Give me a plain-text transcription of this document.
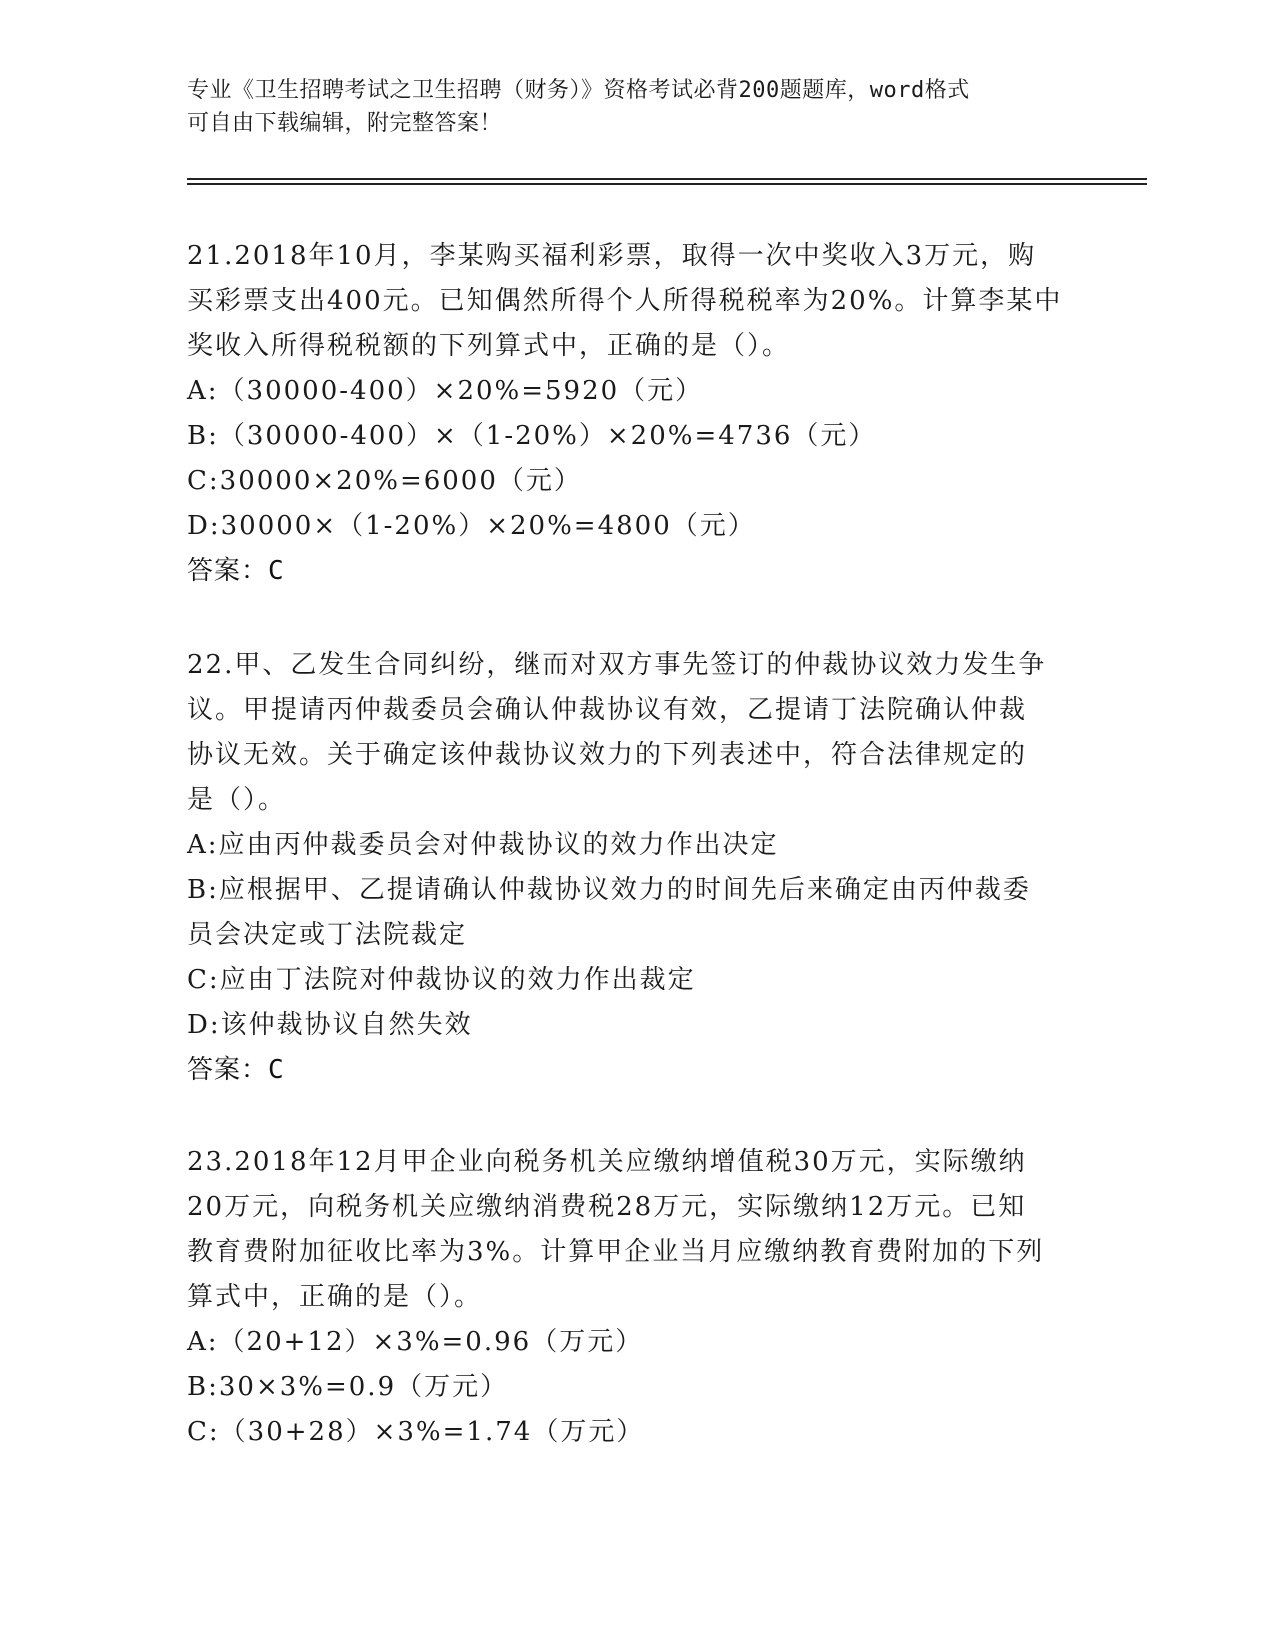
专业《卫生招聘考试之卫生招聘（财务）》资格考试必背200题题库，word格式
可自由下载编辑，附完整答案！
21.2018年10月，李某购买福利彩票，取得一次中奖收入3万元，购
买彩票支出400元。已知偶然所得个人所得税税率为20%。计算李某中
奖收入所得税税额的下列算式中，正确的是（）。
A:（30000-400）×20%=5920（元）
B:（30000-400）×（1-20%）×20%=4736（元）
C:30000×20%=6000（元）
D:30000×（1-20%）×20%=4800（元）
答案：C
22.甲、乙发生合同纠纷，继而对双方事先签订的仲裁协议效力发生争
议。甲提请丙仲裁委员会确认仲裁协议有效，乙提请丁法院确认仲裁
协议无效。关于确定该仲裁协议效力的下列表述中，符合法律规定的
是（）。
A:应由丙仲裁委员会对仲裁协议的效力作出决定
B:应根据甲、乙提请确认仲裁协议效力的时间先后来确定由丙仲裁委
员会决定或丁法院裁定
C:应由丁法院对仲裁协议的效力作出裁定
D:该仲裁协议自然失效
答案：C
23.2018年12月甲企业向税务机关应缴纳增值税30万元，实际缴纳
20万元，向税务机关应缴纳消费税28万元，实际缴纳12万元。已知
教育费附加征收比率为3%。计算甲企业当月应缴纳教育费附加的下列
算式中，正确的是（）。
A:（20+12）×3%=0.96（万元）
B:30×3%=0.9（万元）
C:（30+28）×3%=1.74（万元）
